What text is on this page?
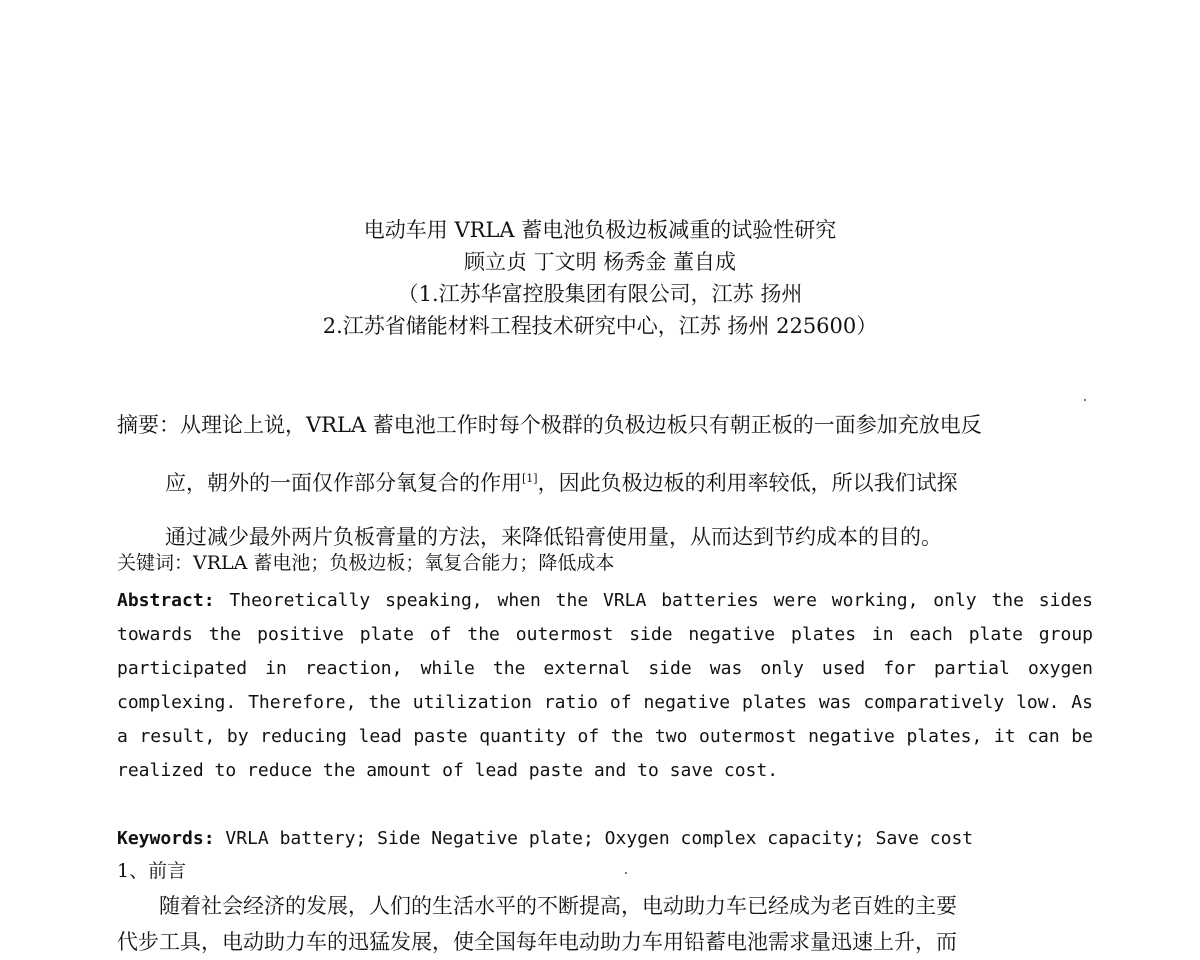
电动车用 VRLA 蓄电池负极边板减重的试验性研究
顾立贞 丁文明 杨秀金 董自成
（1.江苏华富控股集团有限公司，江苏 扬州
2.江苏省储能材料工程技术研究中心，江苏 扬州 225600）
摘要：从理论上说，VRLA 蓄电池工作时每个极群的负极边板只有朝正板的一面参加充放电反
应，朝外的一面仅作部分氧复合的作用[1]，因此负极边板的利用率较低，所以我们试探
通过减少最外两片负板膏量的方法，来降低铅膏使用量，从而达到节约成本的目的。
关键词：VRLA 蓄电池；负极边板；氧复合能力；降低成本
Abstract: Theoretically speaking, when the VRLA batteries were working, only the sides towards the positive plate of the outermost side negative plates in each plate group participated in reaction, while the external side was only used for partial oxygen complexing. Therefore, the utilization ratio of negative plates was comparatively low. As a result, by reducing lead paste quantity of the two outermost negative plates, it can be realized to reduce the amount of lead paste and to save cost.
Keywords: VRLA battery; Side Negative plate; Oxygen complex capacity; Save cost
1、前言
随着社会经济的发展，人们的生活水平的不断提高，电动助力车已经成为老百姓的主要
代步工具，电动助力车的迅猛发展，使全国每年电动助力车用铅蓄电池需求量迅速上升，而
